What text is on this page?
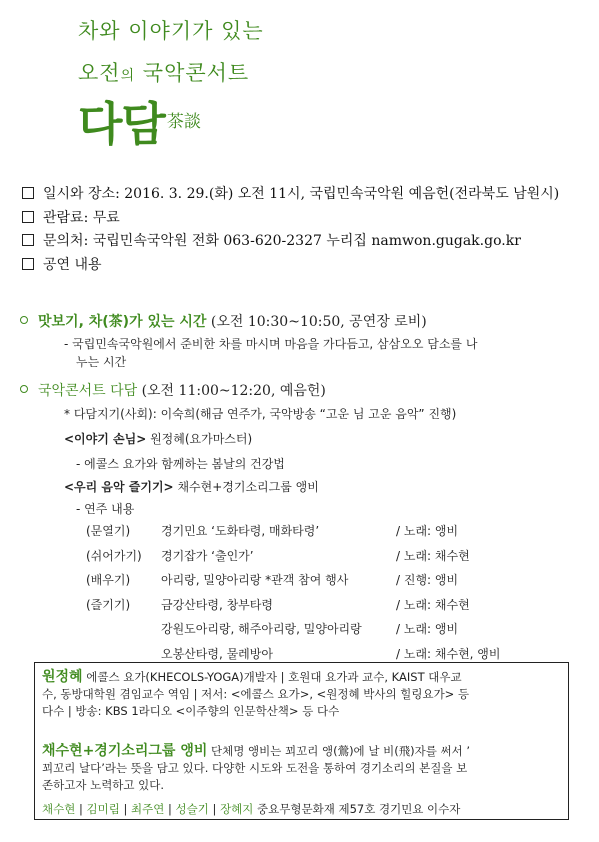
차와 이야기가 있는
오전의 국악콘서트
다담 茶談
일시와 장소: 2016. 3. 29.(화) 오전 11시, 국립민속국악원 예음헌(전라북도 남원시)
관람료: 무료
문의처: 국립민속국악원 전화 063-620-2327 누리집 namwon.gugak.go.kr
공연 내용
맛보기, 차(茶)가 있는 시간 (오전 10:30~10:50, 공연장 로비)
- 국립민속국악원에서 준비한 차를 마시며 마음을 가다듬고, 삼삼오오 담소를 나
누는 시간
국악콘서트 다담 (오전 11:00~12:20, 예음헌)
* 다담지기(사회): 이숙희(해금 연주가, 국악방송 “고운 님 고운 음악” 진행)
<이야기 손님> 원정혜(요가마스터)
- 에콜스 요가와 함께하는 봄날의 건강법
<우리 음악 즐기기> 채수현+경기소리그룹 앵비
- 연주 내용
(문열기)	경기민요 ‘도화타령, 매화타령’	/ 노래: 앵비
(쉬어가기) 경기잡가 ‘출인가’	/ 노래: 채수현
(배우기)	아리랑, 밀양아리랑 *관객 참여 행사	/ 진행: 앵비
(즐기기)	금강산타령, 창부타령	/ 노래: 채수현
강원도아리랑, 해주아리랑, 밀양아리랑	/ 노래: 앵비
오봉산타령, 물레방아	/ 노래: 채수현, 앵비
원정혜 에콜스 요가(KHECOLS-YOGA)개발자 | 호원대 요가과 교수, KAIST 대우교
수, 동방대학원 겸임교수 역임 | 저서: <에콜스 요가>, <원정혜 박사의 힐링요가> 등
다수 | 방송: KBS 1라디오 <이주향의 인문학산책> 등 다수
채수현+경기소리그룹 앵비 단체명 앵비는 꾀꼬리 앵(鶯)에 날 비(飛)자를 써서 ’
꾀꼬리 날다’라는 뜻을 담고 있다. 다양한 시도와 도전을 통하여 경기소리의 본질을 보
존하고자 노력하고 있다.
채수현 | 김미림 | 최주연 | 성슬기 | 장혜지 중요무형문화재 제57호 경기민요 이수자
